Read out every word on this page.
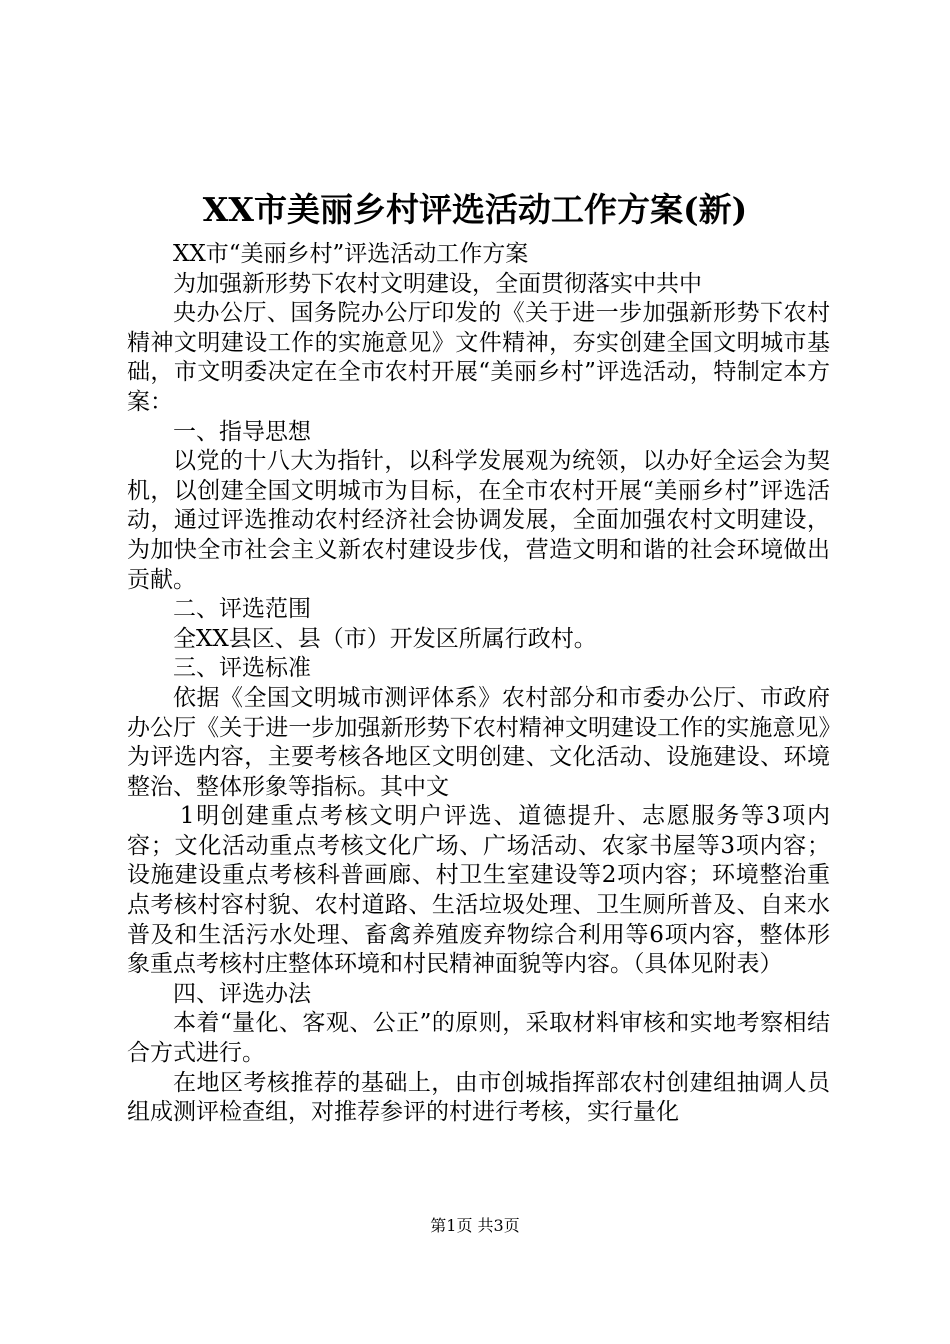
XX市美丽乡村评选活动工作方案(新)

XX市“美丽乡村”评选活动工作方案

为加强新形势下农村文明建设，全面贯彻落实中共中

央办公厅、国务院办公厅印发的《关于进一步加强新形势下农村精神文明建设工作的实施意见》文件精神，夯实创建全国文明城市基础，市文明委决定在全市农村开展“美丽乡村”评选活动，特制定本方案：

一、指导思想

以党的十八大为指针，以科学发展观为统领，以办好全运会为契机，以创建全国文明城市为目标，在全市农村开展“美丽乡村”评选活动，通过评选推动农村经济社会协调发展，全面加强农村文明建设，为加快全市社会主义新农村建设步伐，营造文明和谐的社会环境做出贡献。

二、评选范围

全XX县区、县（市）开发区所属行政村。

三、评选标准

依据《全国文明城市测评体系》农村部分和市委办公厅、市政府办公厅《关于进一步加强新形势下农村精神文明建设工作的实施意见》为评选内容，主要考核各地区文明创建、文化活动、设施建设、环境整治、整体形象等指标。其中文

1明创建重点考核文明户评选、道德提升、志愿服务等3项内容；文化活动重点考核文化广场、广场活动、农家书屋等3项内容；设施建设重点考核科普画廊、村卫生室建设等2项内容；环境整治重点考核村容村貌、农村道路、生活垃圾处理、卫生厕所普及、自来水普及和生活污水处理、畜禽养殖废弃物综合利用等6项内容，整体形象重点考核村庄整体环境和村民精神面貌等内容。（具体见附表）

四、评选办法

本着“量化、客观、公正”的原则，采取材料审核和实地考察相结合方式进行。

在地区考核推荐的基础上，由市创城指挥部农村创建组抽调人员组成测评检查组，对推荐参评的村进行考核，实行量化

第1页 共3页
